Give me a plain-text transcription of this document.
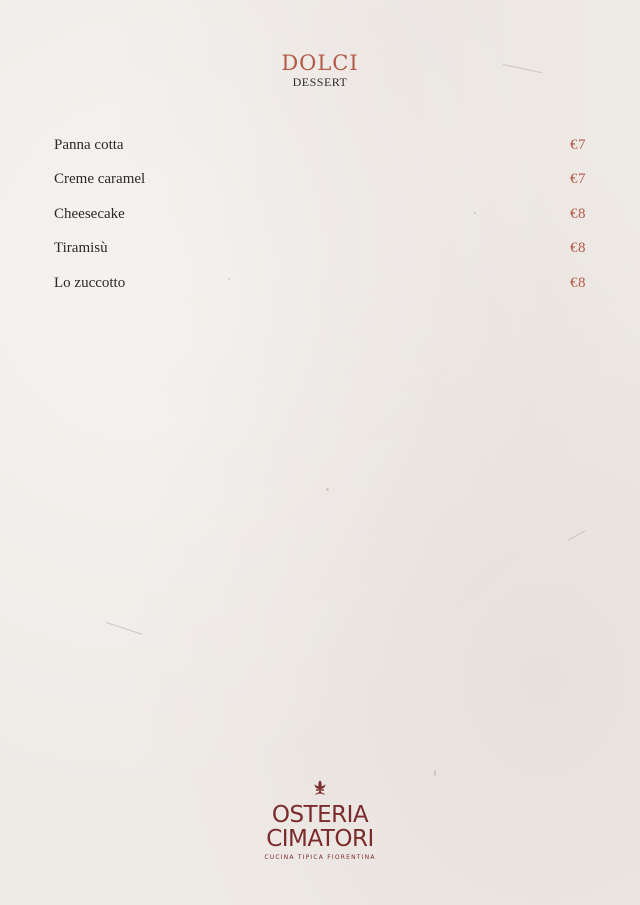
DOLCI
DESSERT
Panna cotta	€7
Creme caramel	€7
Cheesecake	€8
Tiramisù	€8
Lo zuccotto	€8
OSTERIA
CIMATORI
CUCINA TIPICA FIORENTINA
